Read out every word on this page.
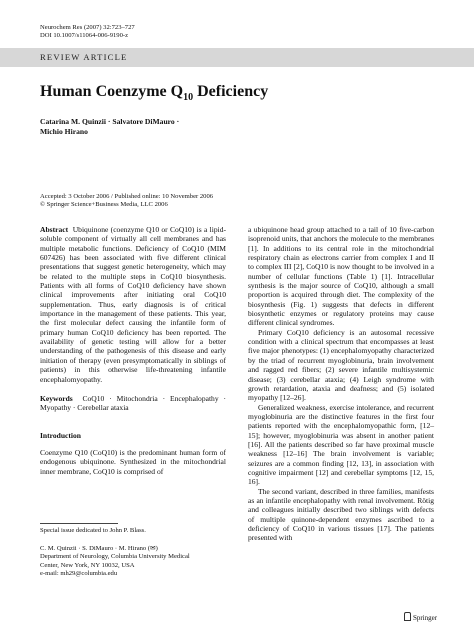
Neurochem Res (2007) 32:723–727
DOI 10.1007/s11064-006-9190-z
REVIEW ARTICLE
Human Coenzyme $Q_{10}$ Deficiency
Catarina M. Quinzii · Salvatore DiMauro ·
Michio Hirano
Accepted: 3 October 2006 / Published online: 10 November 2006
© Springer Science+Business Media, LLC 2006

Abstract Ubiquinone (coenzyme Q10 or CoQ10) is a lipid-soluble component of virtually all cell membranes and has multiple metabolic functions. Deficiency of CoQ10 (MIM 607426) has been associated with five different clinical presentations that suggest genetic heterogeneity, which may be related to the multiple steps in CoQ10 biosynthesis. Patients with all forms of CoQ10 deficiency have shown clinical improvements after initiating oral CoQ10 supplementation. Thus, early diagnosis is of critical importance in the management of these patients. This year, the first molecular defect causing the infantile form of primary human CoQ10 deficiency has been reported. The availability of genetic testing will allow for a better understanding of the pathogenesis of this disease and early initiation of therapy (even presymptomatically in siblings of patients) in this otherwise life-threatening infantile encephalomyopathy.

Keywords CoQ10 · Mitochondria · Encephalopathy · Myopathy · Cerebellar ataxia

Introduction

Coenzyme Q10 (CoQ10) is the predominant human form of endogenous ubiquinone. Synthesized in the mitochondrial inner membrane, CoQ10 is comprised of

Special issue dedicated to John P. Blass.
C. M. Quinzii · S. DiMauro · M. Hirano (✉)
Department of Neurology, Columbia University Medical
Center, New York, NY 10032, USA
e-mail: mh29@columbia.edu

a ubiquinone head group attached to a tail of 10 five-carbon isoprenoid units, that anchors the molecule to the membranes [1]. In additions to its central role in the mitochondrial respiratory chain as electrons carrier from complex I and II to complex III [2], CoQ10 is now thought to be involved in a number of cellular functions (Table 1) [1]. Intracellular synthesis is the major source of CoQ10, although a small proportion is acquired through diet. The complexity of the biosynthesis (Fig. 1) suggests that defects in different biosynthetic enzymes or regulatory proteins may cause different clinical syndromes.

Primary CoQ10 deficiency is an autosomal recessive condition with a clinical spectrum that encompasses at least five major phenotypes: (1) encephalomyopathy characterized by the triad of recurrent myoglobinuria, brain involvement and ragged red fibers; (2) severe infantile multisystemic disease; (3) cerebellar ataxia; (4) Leigh syndrome with growth retardation, ataxia and deafness; and (5) isolated myopathy [12–26].

Generalized weakness, exercise intolerance, and recurrent myoglobinuria are the distinctive features in the first four patients reported with the encephalomyopathic form, [12–15]; however, myoglobinuria was absent in another patient [16]. All the patients described so far have proximal muscle weakness [12–16] The brain involvement is variable; seizures are a common finding [12, 13], in association with cognitive impairment [12] and cerebellar symptoms [12, 15, 16].

The second variant, described in three families, manifests as an infantile encephalopathy with renal involvement. Rötig and colleagues initially described two siblings with defects of multiple quinone-dependent enzymes ascribed to a deficiency of CoQ10 in various tissues [17]. The patients presented with

Springer
